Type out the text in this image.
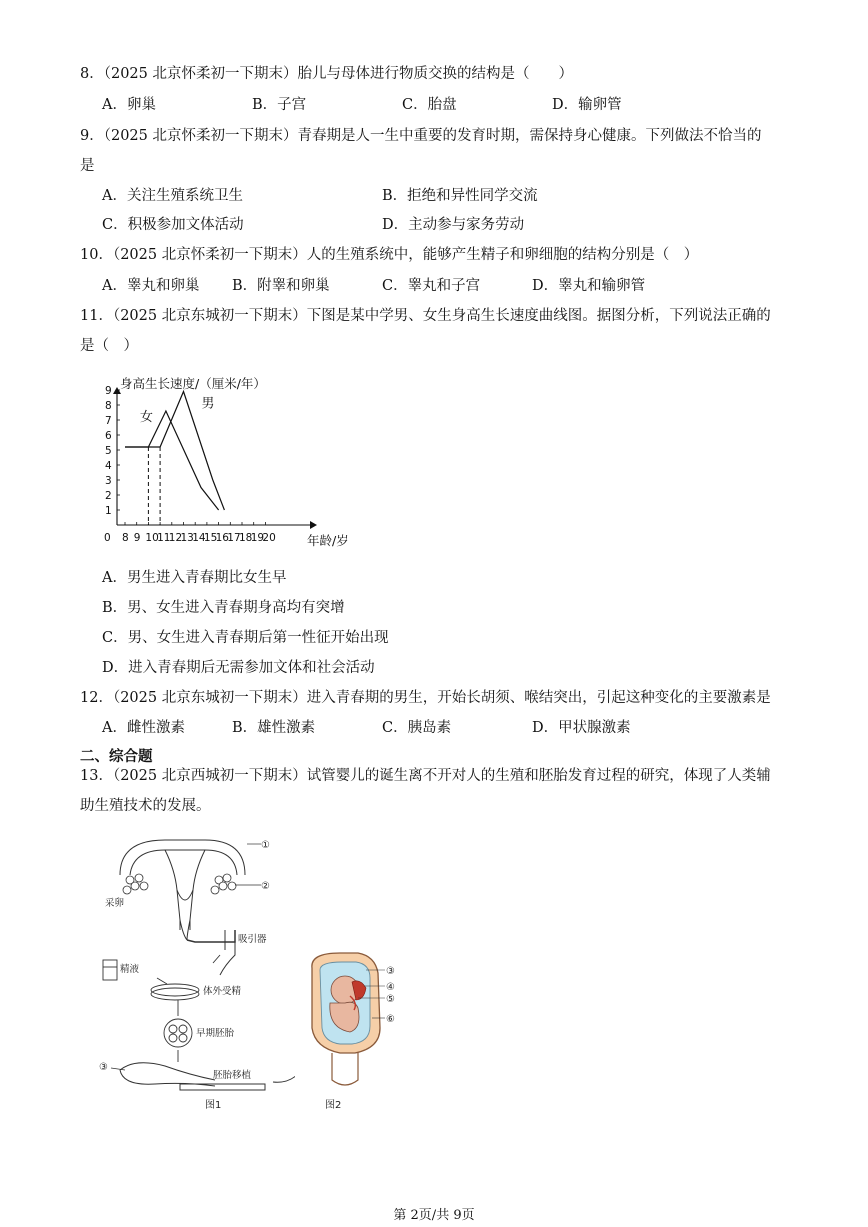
8．（2025 北京怀柔初一下期末）胎儿与母体进行物质交换的结构是（　　）
A．卵巢	B．子宫	C．胎盘	D．输卵管
9．（2025 北京怀柔初一下期末）青春期是人一生中重要的发育时期，需保持身心健康。下列做法不恰当的
是
A．关注生殖系统卫生	B．拒绝和异性同学交流
C．积极参加文体活动	D．主动参与家务劳动
10．（2025 北京怀柔初一下期末）人的生殖系统中，能够产生精子和卵细胞的结构分别是（　）
A．睾丸和卵巢	B．附睾和卵巢	C．睾丸和子宫	D．睾丸和输卵管
11．（2025 北京东城初一下期末）下图是某中学男、女生身高生长速度曲线图。据图分析，下列说法正确的
是（　）
身高生长速度/（厘米/年）
年龄/岁
1
2
3
4
5
6
7
8
9
0 8 9 10
11
12
13
14
15
16
17
18
19
20
女
男
A．男生进入青春期比女生早
B．男、女生进入青春期身高均有突增
C．男、女生进入青春期后第一性征开始出现
D．进入青春期后无需参加文体和社会活动
12．（2025 北京东城初一下期末）进入青春期的男生，开始长胡须、喉结突出，引起这种变化的主要激素是
A．雌性激素	B．雄性激素	C．胰岛素	D．甲状腺激素
二、综合题
13．（2025 北京西城初一下期末）试管婴儿的诞生离不开对人的生殖和胚胎发育过程的研究，体现了人类辅
助生殖技术的发展。
采卵
吸引器
①
②
精液
体外受精
早期胚胎
③
胚胎移植
图1
③
④
⑤
⑥
图2
第 2页/共 9页
